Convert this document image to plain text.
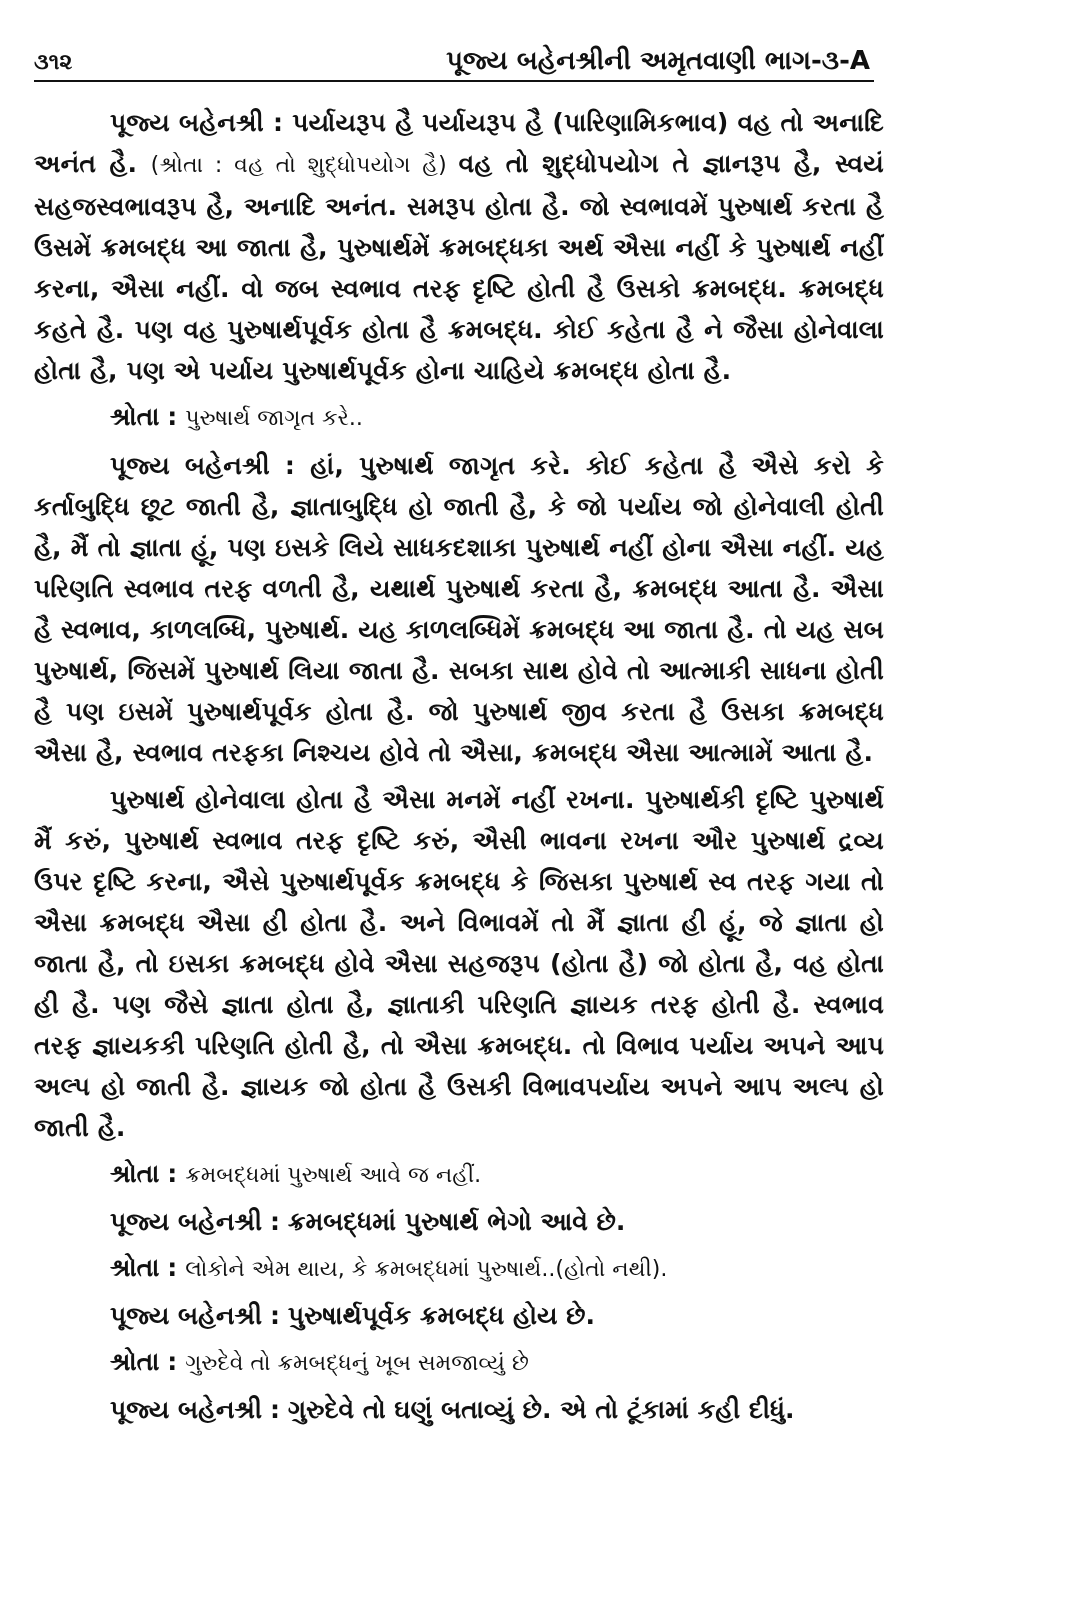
૩૧૨	પૂજ્ય બહેનશ્રીની અમૃતવાણી ભાગ-૩-A

પૂજ્ય બહેનશ્રી : પર્યાયરૂપ હૈ પર્યાયરૂપ હૈ (પારિણામિકભાવ) વહ તો અનાદિ અનંત હૈ. (શ્રોતા : વહ તો શુદ્ધોપયોગ હૈ) વહ તો શુદ્ધોપયોગ તે જ્ઞાનરૂપ હૈ, સ્વયં સહજસ્વભાવરૂપ હૈ, અનાદિ અનંત. સમરૂપ હોતા હૈ. જો સ્વભાવમેં પુરુષાર્થ કરતા હૈ ઉસમેં ક્રમબદ્ધ આ જાતા હૈ, પુરુષાર્થમેં ક્રમબદ્ધકા અર્થ ઐસા નહીં કે પુરુષાર્થ નહીં કરના, ઐસા નહીં. વો જબ સ્વભાવ તરફ દૃષ્ટિ હોતી હૈ ઉસકો ક્રમબદ્ધ. ક્રમબદ્ધ કહતે હૈ. પણ વહ પુરુષાર્થપૂર્વક હોતા હૈ ક્રમબદ્ધ. કોઈ કહેતા હૈ ને જૈસા હોનેવાલા હોતા હૈ, પણ એ પર્યાય પુરુષાર્થપૂર્વક હોના ચાહિયે ક્રમબદ્ધ હોતા હૈ.

શ્રોતા : પુરુષાર્થ જાગૃત કરે..

પૂજ્ય બહેનશ્રી : હાં, પુરુષાર્થ જાગૃત કરે. કોઈ કહેતા હૈ ઐસે કરો કે કર્તાબુદ્ધિ છૂટ જાતી હૈ, જ્ઞાતાબુદ્ધિ હો જાતી હૈ, કે જો પર્યાય જો હોનેવાલી હોતી હૈ, મૈં તો જ્ઞાતા હૂં, પણ ઇસકે લિયે સાધકદશાકા પુરુષાર્થ નહીં હોના ઐસા નહીં. યહ પરિણતિ સ્વભાવ તરફ વળતી હૈ, યથાર્થ પુરુષાર્થ કરતા હૈ, ક્રમબદ્ધ આતા હૈ. ઐસા હૈ સ્વભાવ, કાળલબ્ધિ, પુરુષાર્થ. યહ કાળલબ્ધિમેં ક્રમબદ્ધ આ જાતા હૈ. તો યહ સબ પુરુષાર્થ, જિસમેં પુરુષાર્થ લિયા જાતા હૈ. સબકા સાથ હોવે તો આત્માકી સાધના હોતી હૈ પણ ઇસમેં પુરુષાર્થપૂર્વક હોતા હૈ. જો પુરુષાર્થ જીવ કરતા હૈ ઉસકા ક્રમબદ્ધ ઐસા હૈ, સ્વભાવ તરફકા નિશ્ચય હોવે તો ઐસા, ક્રમબદ્ધ ઐસા આત્મામેં આતા હૈ.

પુરુષાર્થ હોનેવાલા હોતા હૈ ઐસા મનમેં નહીં રખના. પુરુષાર્થકી દૃષ્ટિ પુરુષાર્થ મૈં કરું, પુરુષાર્થ સ્વભાવ તરફ દૃષ્ટિ કરું, ઐસી ભાવના રખના ઔર પુરુષાર્થ દ્રવ્ય ઉપર દૃષ્ટિ કરના, ઐસે પુરુષાર્થપૂર્વક ક્રમબદ્ધ કે જિસકા પુરુષાર્થ સ્વ તરફ ગયા તો ઐસા ક્રમબદ્ધ ઐસા હી હોતા હૈ. અને વિભાવમેં તો મૈં જ્ઞાતા હી હૂં, જે જ્ઞાતા હો જાતા હૈ, તો ઇસકા ક્રમબદ્ધ હોવે ઐસા સહજરૂપ (હોતા હૈ) જો હોતા હૈ, વહ હોતા હી હૈ. પણ જૈસે જ્ઞાતા હોતા હૈ, જ્ઞાતાકી પરિણતિ જ્ઞાયક તરફ હોતી હૈ. સ્વભાવ તરફ જ્ઞાયકકી પરિણતિ હોતી હૈ, તો ઐસા ક્રમબદ્ધ. તો વિભાવ પર્યાય અપને આપ અલ્પ હો જાતી હૈ. જ્ઞાયક જો હોતા હૈ ઉસકી વિભાવપર્યાય અપને આપ અલ્પ હો જાતી હૈ.

શ્રોતા : ક્રમબદ્ધમાં પુરુષાર્થ આવે જ નહીં.
પૂજ્ય બહેનશ્રી : ક્રમબદ્ધમાં પુરુષાર્થ ભેગો આવે છે.
શ્રોતા : લોકોને એમ થાય, કે ક્રમબદ્ધમાં પુરુષાર્થ..(હોતો નથી).
પૂજ્ય બહેનશ્રી : પુરુષાર્થપૂર્વક ક્રમબદ્ધ હોય છે.
શ્રોતા : ગુરુદેવે તો ક્રમબદ્ધનું ખૂબ સમજાવ્યું છે
પૂજ્ય બહેનશ્રી : ગુરુદેવે તો ઘણું બતાવ્યું છે. એ તો ટૂંકામાં કહી દીધું.
